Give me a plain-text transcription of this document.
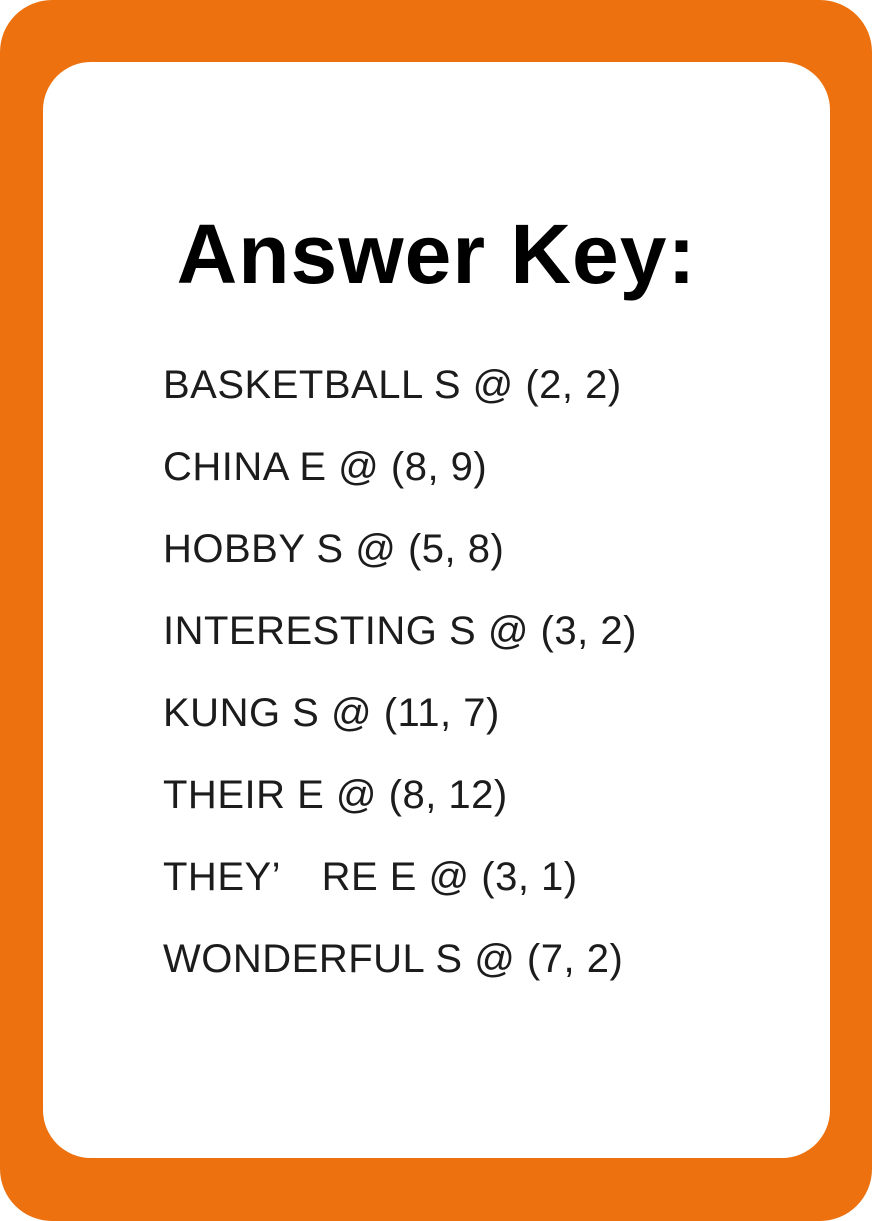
Answer Key:
BASKETBALL S @ (2, 2)
CHINA E @ (8, 9)
HOBBY S @ (5, 8)
INTERESTING S @ (3, 2)
KUNG S @ (11, 7)
THEIR E @ (8, 12)
THEY’ RE E @ (3, 1)
WONDERFUL S @ (7, 2)
